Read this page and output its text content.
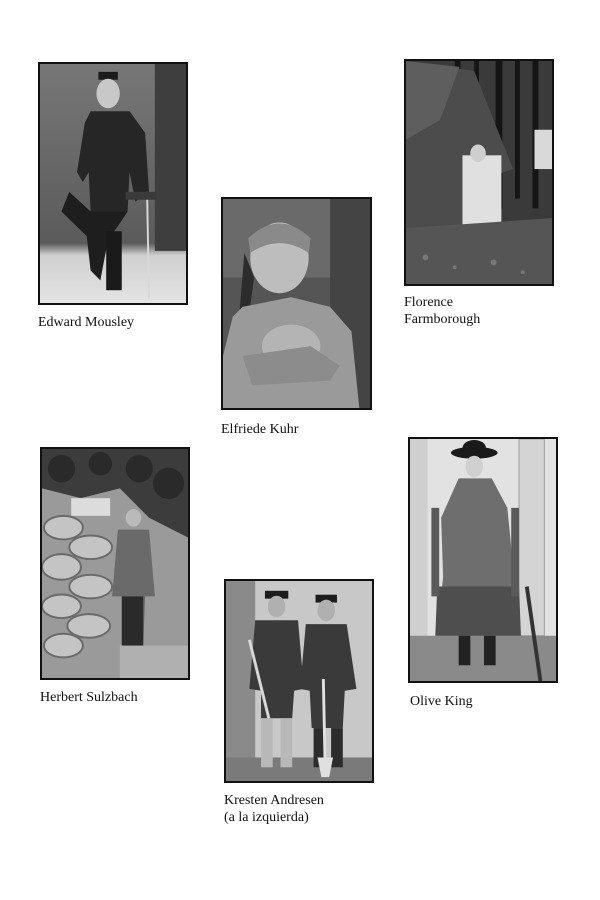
Edward Mousley
Florence
Farmborough
Elfriede Kuhr
Herbert Sulzbach	Olive King
Kresten Andresen
(a la izquierda)
